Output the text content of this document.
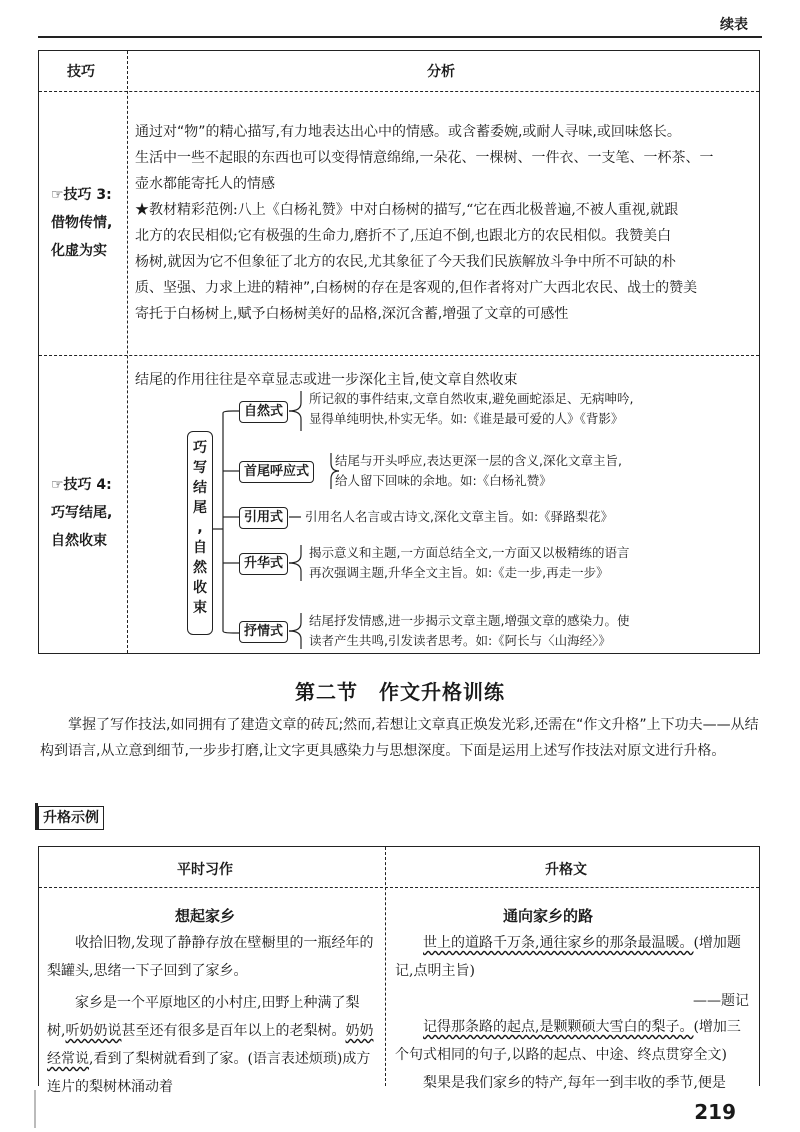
续表
技巧	分析
☞技巧 3:
借物传情,
化虚为实
通过对“物”的精心描写,有力地表达出心中的情感。或含蓄委婉,或耐人寻味,或回味悠长。
生活中一些不起眼的东西也可以变得情意绵绵,一朵花、一棵树、一件衣、一支笔、一杯茶、一
壶水都能寄托人的情感
★教材精彩范例:八上《白杨礼赞》中对白杨树的描写,“它在西北极普遍,不被人重视,就跟
北方的农民相似;它有极强的生命力,磨折不了,压迫不倒,也跟北方的农民相似。我赞美白
杨树,就因为它不但象征了北方的农民,尤其象征了今天我们民族解放斗争中所不可缺的朴
质、坚强、力求上进的精神”,白杨树的存在是客观的,但作者将对广大西北农民、战士的赞美
寄托于白杨树上,赋予白杨树美好的品格,深沉含蓄,增强了文章的可感性
☞技巧 4:
巧写结尾,
自然收束
结尾的作用往往是卒章显志或进一步深化主旨,使文章自然收束
巧
写
结
尾
,
自
然
收
束
自然式
首尾呼应式
引用式
升华式
抒情式
所记叙的事件结束,文章自然收束,避免画蛇添足、无病呻吟,
显得单纯明快,朴实无华。如:《谁是最可爱的人》《背影》
结尾与开头呼应,表达更深一层的含义,深化文章主旨,
给人留下回味的余地。如:《白杨礼赞》
引用名人名言或古诗文,深化文章主旨。如:《驿路梨花》
揭示意义和主题,一方面总结全文,一方面又以极精练的语言
再次强调主题,升华全文主旨。如:《走一步,再走一步》
结尾抒发情感,进一步揭示文章主题,增强文章的感染力。使
读者产生共鸣,引发读者思考。如:《阿长与〈山海经〉》
第二节　作文升格训练
掌握了写作技法,如同拥有了建造文章的砖瓦;然而,若想让文章真正焕发光彩,还需在“作文升格”上下功夫——从结构到语言,从立意到细节,一步步打磨,让文字更具感染力与思想深度。下面是运用上述写作技法对原文进行升格。
升格示例
平时习作	升格文
想起家乡
收拾旧物,发现了静静存放在壁橱里的一瓶经年的梨罐头,思绪一下子回到了家乡。
家乡是一个平原地区的小村庄,田野上种满了梨树,听奶奶说甚至还有很多是百年以上的老梨树。奶奶经常说,看到了梨树就看到了家。(语言表述烦琐)成方连片的梨树林涌动着
通向家乡的路
世上的道路千万条,通往家乡的那条最温暖。(增加题记,点明主旨)
——题记
记得那条路的起点,是颗颗硕大雪白的梨子。(增加三个句式相同的句子,以路的起点、中途、终点贯穿全文)
梨果是我们家乡的特产,每年一到丰收的季节,便是
219
